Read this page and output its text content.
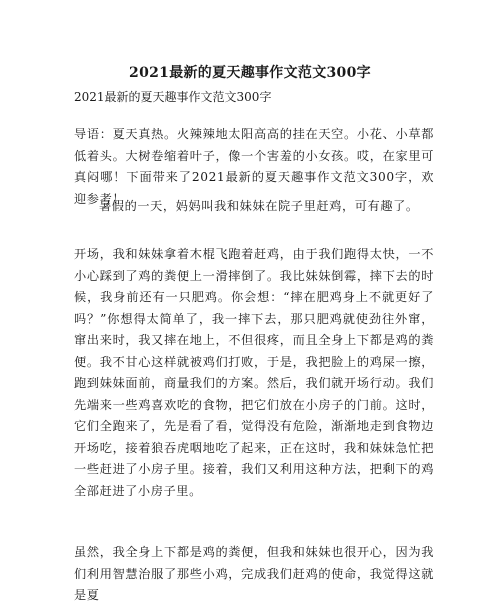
2021最新的夏天趣事作文范文300字
2021最新的夏天趣事作文范文300字

导语：夏天真热。火辣辣地太阳高高的挂在天空。小花、小草都低着头。大树卷缩着叶子，像一个害羞的小女孩。哎，在家里可真闷哪！下面带来了2021最新的夏天趣事作文范文300字，欢迎参考！

暑假的一天，妈妈叫我和妹妹在院子里赶鸡，可有趣了。

开场，我和妹妹拿着木棍飞跑着赶鸡，由于我们跑得太快，一不小心踩到了鸡的粪便上一滑摔倒了。我比妹妹倒霉，摔下去的时候，我身前还有一只肥鸡。你会想：“摔在肥鸡身上不就更好了吗？”你想得太简单了，我一摔下去，那只肥鸡就使劲往外窜，窜出来时，我又摔在地上，不但很疼，而且全身上下都是鸡的粪便。我不甘心这样就被鸡们打败，于是，我把脸上的鸡屎一擦，跑到妹妹面前，商量我们的方案。然后，我们就开场行动。我们先端来一些鸡喜欢吃的食物，把它们放在小房子的门前。这时，它们全跑来了，先是看了看，觉得没有危险，渐渐地走到食物边开场吃，接着狼吞虎咽地吃了起来，正在这时，我和妹妹急忙把一些赶进了小房子里。接着，我们又利用这种方法，把剩下的鸡全部赶进了小房子里。

虽然，我全身上下都是鸡的粪便，但我和妹妹也很开心，因为我们利用智慧治服了那些小鸡，完成我们赶鸡的使命，我觉得这就是夏
